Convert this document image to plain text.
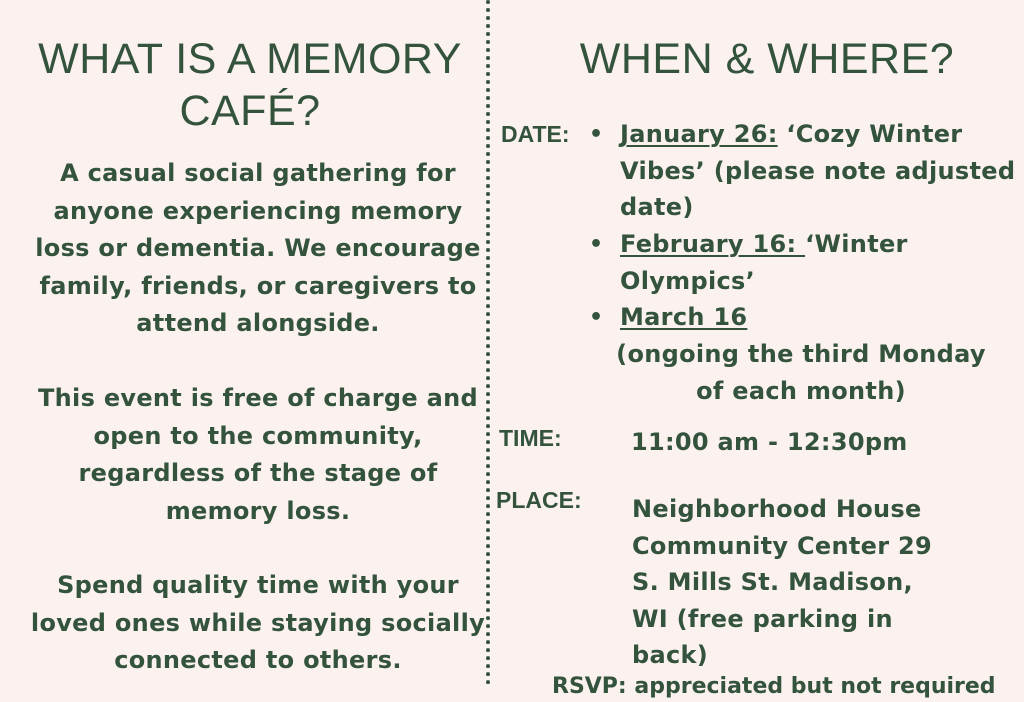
WHAT IS A MEMORY CAFÉ?

A casual social gathering for anyone experiencing memory loss or dementia. We encourage family, friends, or caregivers to attend alongside.

This event is free of charge and open to the community, regardless of the stage of memory loss.

Spend quality time with your loved ones while staying socially connected to others.

WHEN & WHERE?
DATE: • January 26: ‘Cozy Winter Vibes’ (please note adjusted date)

• February 16: ‘Winter Olympics’

• March 16

(ongoing the third Monday of each month)

TIME:	11:00 am - 12:30pm

PLACE: Neighborhood House Community Center 29 S. Mills St. Madison, WI (free parking in back)

RSVP: appreciated but not required
